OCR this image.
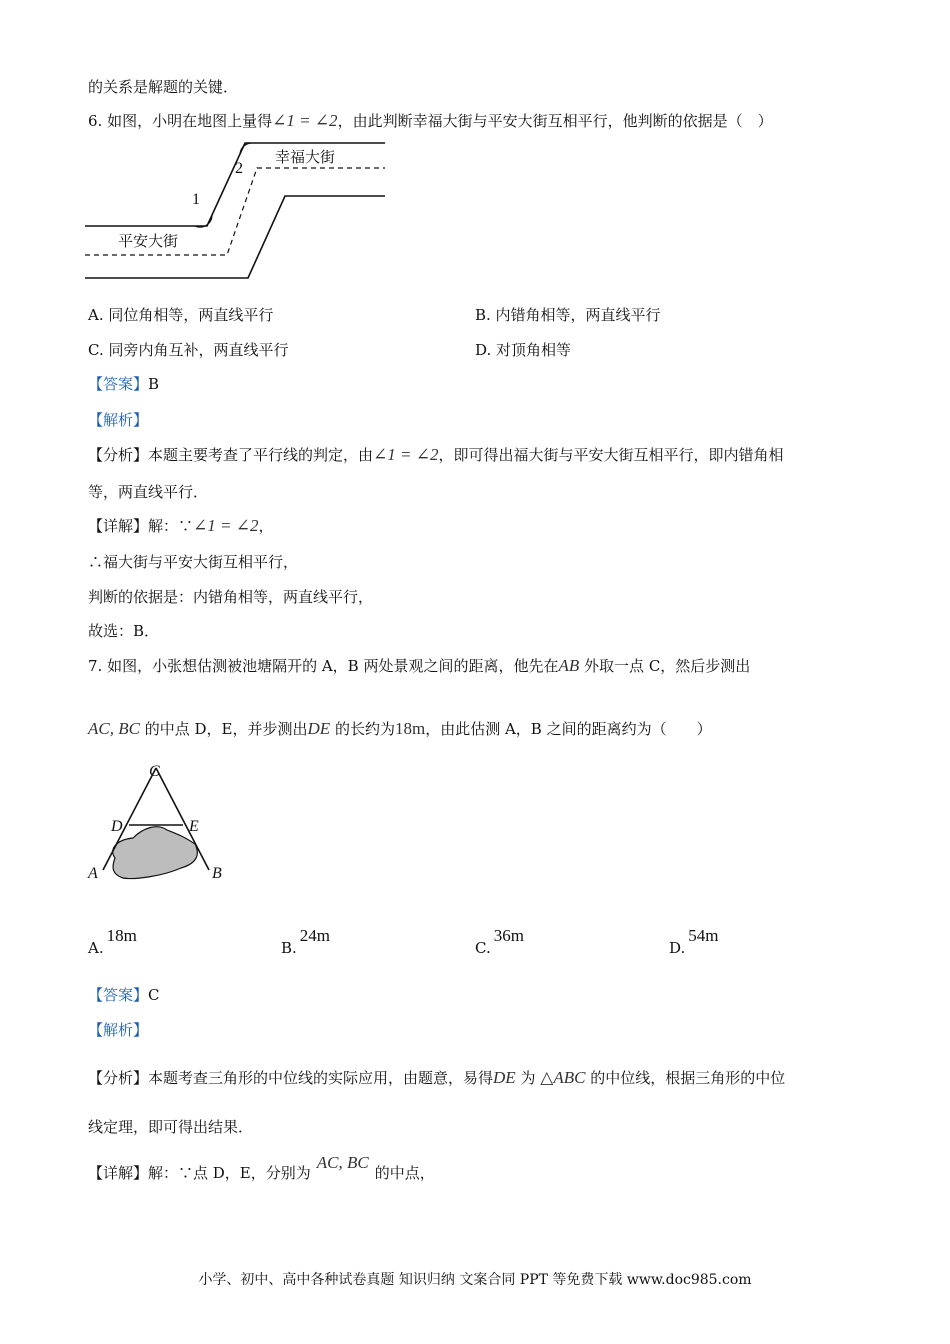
的关系是解题的关键．
6. 如图，小明在地图上量得∠1 = ∠2，由此判断幸福大街与平安大街互相平行，他判断的依据是（　）
1
2
幸福大街
平安大街
A. 同位角相等，两直线平行	B. 内错角相等，两直线平行
C. 同旁内角互补，两直线平行	D. 对顶角相等
【答案】B
【解析】
【分析】本题主要考查了平行线的判定，由∠1 = ∠2，即可得出福大街与平安大街互相平行，即内错角相
等，两直线平行．
【详解】解：∵∠1 = ∠2，
∴福大街与平安大街互相平行，
判断的依据是：内错角相等，两直线平行，
故选：B．
7. 如图，小张想估测被池塘隔开的 A，B 两处景观之间的距离，他先在AB 外取一点 C，然后步测出
AC, BC 的中点 D，E，并步测出DE 的长约为18m，由此估测 A，B 之间的距离约为（　　）
C
D	E
A	B
A.18m
B.24m
C.36m
D.54m
【答案】C
【解析】
【分析】本题考查三角形的中位线的实际应用，由题意，易得DE 为 △ABC 的中位线，根据三角形的中位
线定理，即可得出结果．
【详解】解：∵点 D，E，分别为AC, BC的中点，
小学、初中、高中各种试卷真题 知识归纳 文案合同 PPT 等免费下载 www.doc985.com
